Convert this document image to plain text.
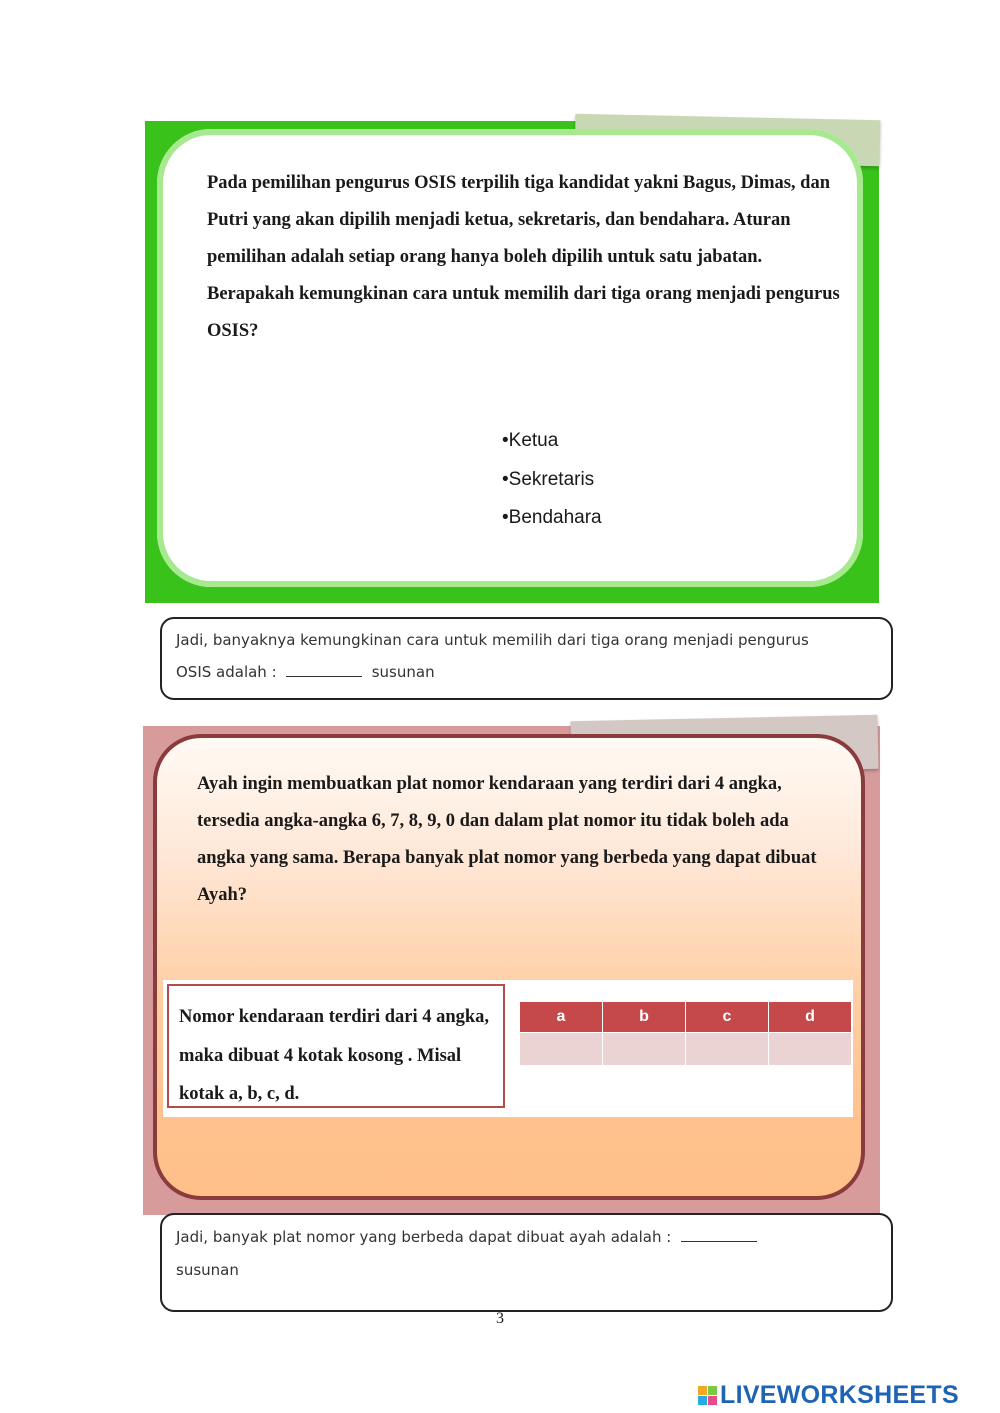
Pada pemilihan pengurus OSIS terpilih tiga kandidat yakni Bagus, Dimas, dan Putri yang akan dipilih menjadi ketua, sekretaris, dan bendahara. Aturan pemilihan adalah setiap orang hanya boleh dipilih untuk satu jabatan. Berapakah kemungkinan cara untuk memilih dari tiga orang menjadi pengurus OSIS?

• Ketua
• Sekretaris
• Bendahara

Jadi, banyaknya kemungkinan cara untuk memilih dari tiga orang menjadi pengurus

OSIS adalah :	susunan

Ayah ingin membuatkan plat nomor kendaraan yang terdiri dari 4 angka, tersedia angka-angka 6, 7, 8, 9, 0 dan dalam plat nomor itu tidak boleh ada angka yang sama. Berapa banyak plat nomor yang berbeda yang dapat dibuat Ayah?

Nomor kendaraan terdiri dari 4 angka, maka dibuat 4 kotak kosong . Misal kotak a, b, c, d.

a	b	c	d

Jadi, banyak plat nomor yang berbeda dapat dibuat ayah adalah :

susunan

3
LIVEWORKSHEETS
